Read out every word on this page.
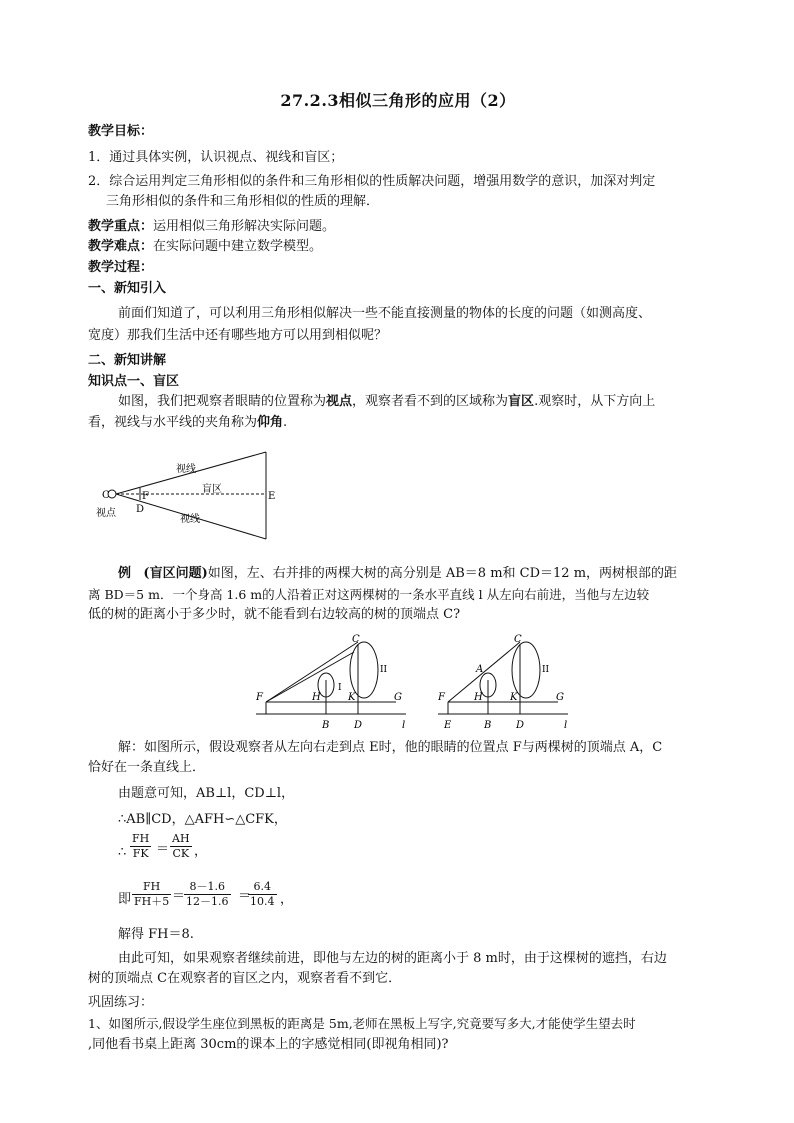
27.2.3相似三角形的应用（2）
教学目标：
1．通过具体实例，认识视点、视线和盲区；
2．综合运用判定三角形相似的条件和三角形相似的性质解决问题，增强用数学的意识，加深对判定
三角形相似的条件和三角形相似的性质的理解．
教学重点：运用相似三角形解决实际问题。
教学难点：在实际问题中建立数学模型。
教学过程：
一、新知引入
前面们知道了，可以利用三角形相似解决一些不能直接测量的物体的长度的问题（如测高度、
宽度）那我们生活中还有哪些地方可以用到相似呢？
二、新知讲解
知识点一、盲区
如图，我们把观察者眼睛的位置称为视点，观察者看不到的区域称为盲区.观察时，从下方向上
看，视线与水平线的夹角称为仰角.
视线
视线
盲区
视点
C	F
D
E
例 (盲区问题)如图，左、右并排的两棵大树的高分别是 AB＝8 m和 CD＝12 m，两树根部的距
离 BD＝5 m．一个身高 1.6 m的人沿着正对这两棵树的一条水平直线 l 从左向右前进，当他与左边较
低的树的距离小于多少时，就不能看到右边较高的树的顶端点 C?
C
F	H	K	G
B D	l
I
II
C
A
F	H	K	G
E	B D	l
II
解：如图所示，假设观察者从左向右走到点 E时，他的眼睛的位置点 F与两棵树的顶端点 A，C
恰好在一条直线上．
由题意可知，AB⊥l，CD⊥l，
∴AB∥CD，△AFH∽△CFK，
∴ $\frac{FH}{FK} = \frac{AH}{CK}$ ，
即 $\frac{FH}{FH+5}$ ＝
$\frac{8-1.6}{12-1.6}$ ＝
$\frac{6.4}{10.4}$ ，
解得 FH＝8.
由此可知，如果观察者继续前进，即他与左边的树的距离小于 8 m时，由于这棵树的遮挡，右边
树的顶端点 C在观察者的盲区之内，观察者看不到它．
巩固练习：
1、如图所示,假设学生座位到黑板的距离是 5m,老师在黑板上写字,究竟要写多大,才能使学生望去时
,同他看书桌上距离 30cm的课本上的字感觉相同(即视角相同)?
